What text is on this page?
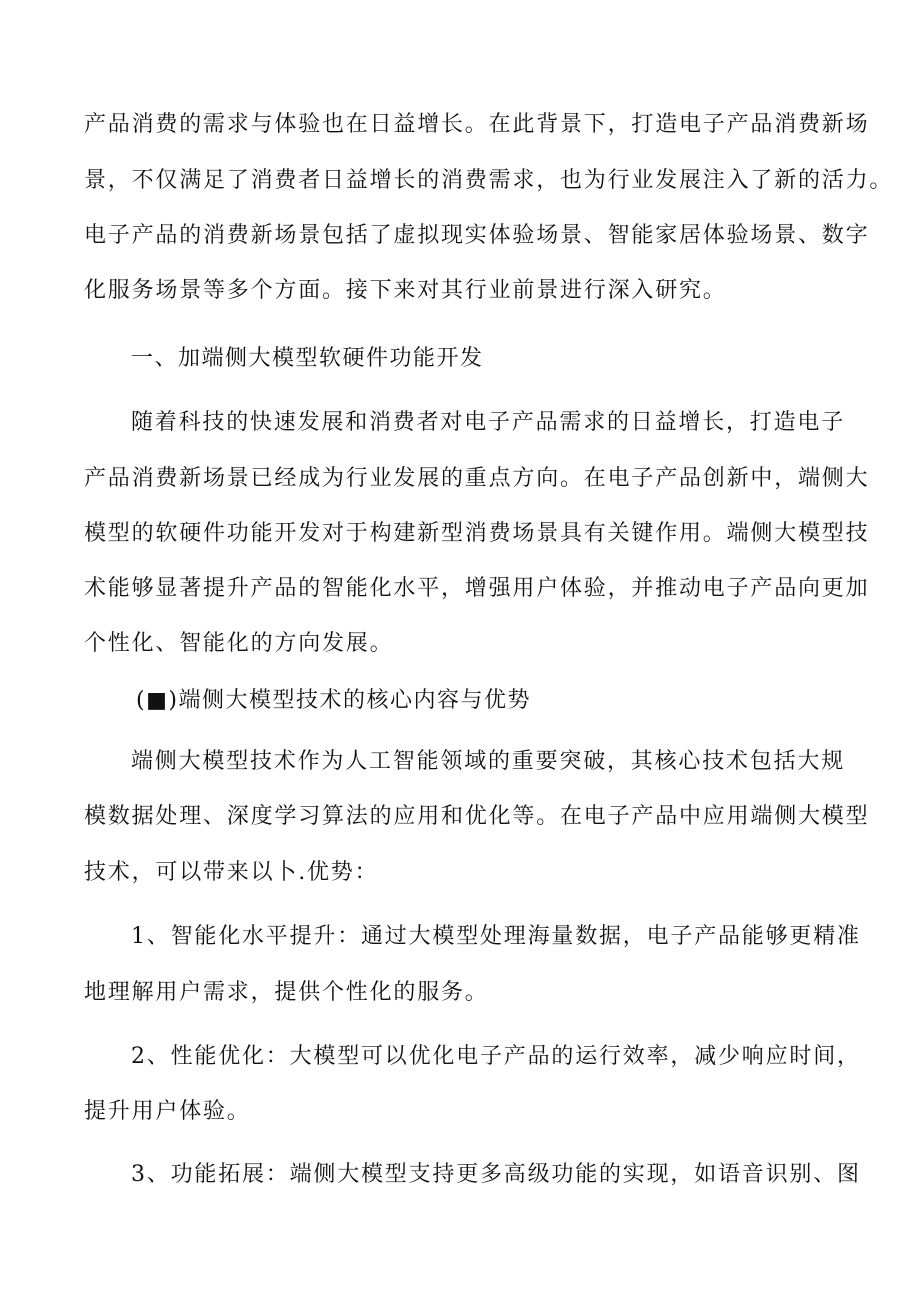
产品消费的需求与体验也在日益增长。在此背景下，打造电子产品消费新场
景，不仅满足了消费者日益增长的消费需求，也为行业发展注入了新的活力。
电子产品的消费新场景包括了虚拟现实体验场景、智能家居体验场景、数字
化服务场景等多个方面。接下来对其行业前景进行深入研究。
一、加端侧大模型软硬件功能开发
随着科技的快速发展和消费者对电子产品需求的日益增长，打造电子
产品消费新场景已经成为行业发展的重点方向。在电子产品创新中，端侧大
模型的软硬件功能开发对于构建新型消费场景具有关键作用。端侧大模型技
术能够显著提升产品的智能化水平，增强用户体验，并推动电子产品向更加
个性化、智能化的方向发展。
(■)端侧大模型技术的核心内容与优势
端侧大模型技术作为人工智能领域的重要突破，其核心技术包括大规
模数据处理、深度学习算法的应用和优化等。在电子产品中应用端侧大模型
技术，可以带来以卜.优势：
1、智能化水平提升：通过大模型处理海量数据，电子产品能够更精准
地理解用户需求，提供个性化的服务。
2、性能优化：大模型可以优化电子产品的运行效率，减少响应时间，
提升用户体验。
3、功能拓展：端侧大模型支持更多高级功能的实现，如语音识别、图
